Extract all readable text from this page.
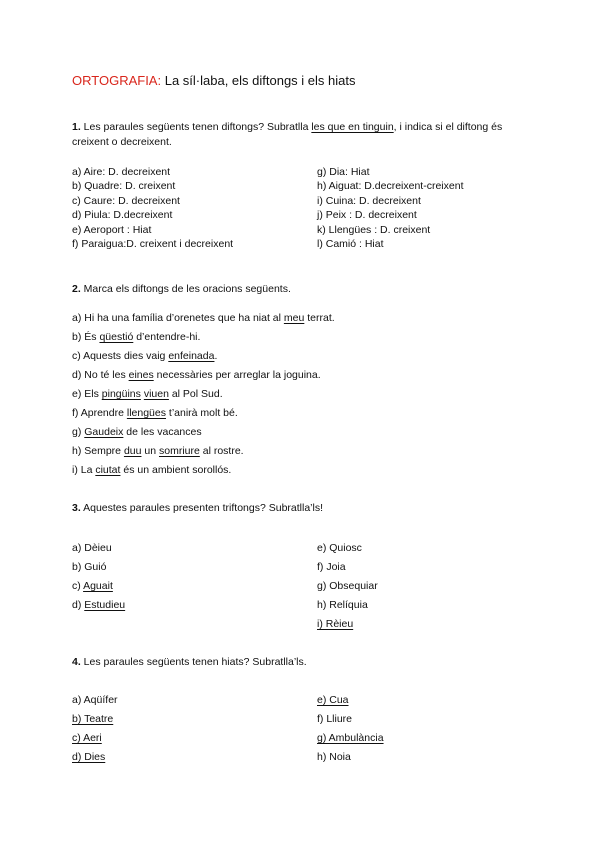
ORTOGRAFIA: La síl·laba, els diftongs i els hiats
1. Les paraules següents tenen diftongs? Subratlla les que en tinguin, i indica si el diftong és
creixent o decreixent.
a) Aire: D. decreixent
b) Quadre: D. creixent
c) Caure: D. decreixent
d) Piula: D.decreixent
e) Aeroport : Hiat
f) Paraigua:D. creixent i decreixent
g) Dia: Hiat
h) Aiguat: D.decreixent-creixent
i) Cuina: D. decreixent
j) Peix : D. decreixent
k) Llengües : D. creixent
l) Camió : Hiat
2. Marca els diftongs de les oracions següents.
a) Hi ha una família d’orenetes que ha niat al meu terrat.
b) És qüestió d’entendre-hi.
c) Aquests dies vaig enfeinada.
d) No té les eines necessàries per arreglar la joguina.
e) Els pingüins viuen al Pol Sud.
f) Aprendre llengües t’anirà molt bé.
g) Gaudeix de les vacances
h) Sempre duu un somriure al rostre.
i) La ciutat és un ambient sorollós.
3. Aquestes paraules presenten triftongs? Subratlla’ls!
a) Dèieu
b) Guió
c) Aguait
d) Estudieu
e) Quiosc
f) Joia
g) Obsequiar
h) Relíquia
i) Rèieu
4. Les paraules següents tenen hiats? Subratlla’ls.
a) Aqüífer
b) Teatre
c) Aeri
d) Dies
e) Cua
f) Lliure
g) Ambulància
h) Noia
